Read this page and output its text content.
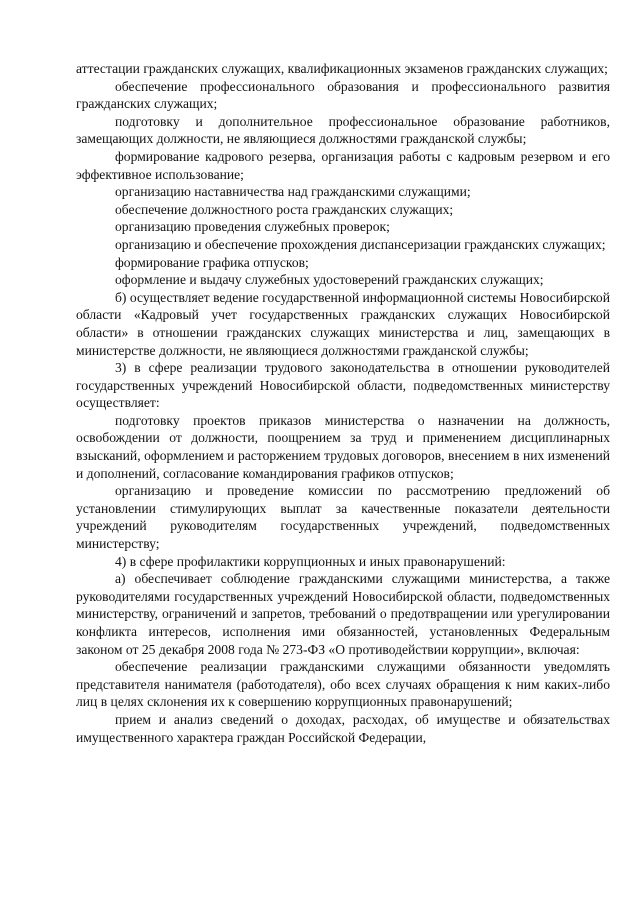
аттестации гражданских служащих, квалификационных экзаменов гражданских служащих;

обеспечение профессионального образования и профессионального развития гражданских служащих;

подготовку и дополнительное профессиональное образование работников, замещающих должности, не являющиеся должностями гражданской службы;

формирование кадрового резерва, организация работы с кадровым резервом и его эффективное использование;

организацию наставничества над гражданскими служащими;

обеспечение должностного роста гражданских служащих;

организацию проведения служебных проверок;

организацию и обеспечение прохождения диспансеризации гражданских служащих;

формирование графика отпусков;

оформление и выдачу служебных удостоверений гражданских служащих;

б) осуществляет ведение государственной информационной системы Новосибирской области «Кадровый учет государственных гражданских служащих Новосибирской области» в отношении гражданских служащих министерства и лиц, замещающих в министерстве должности, не являющиеся должностями гражданской службы;

3) в сфере реализации трудового законодательства в отношении руководителей государственных учреждений Новосибирской области, подведомственных министерству осуществляет:

подготовку проектов приказов министерства о назначении на должность, освобождении от должности, поощрением за труд и применением дисциплинарных взысканий, оформлением и расторжением трудовых договоров, внесением в них изменений и дополнений, согласование командирования графиков отпусков;

организацию и проведение комиссии по рассмотрению предложений об установлении стимулирующих выплат за качественные показатели деятельности учреждений руководителям государственных учреждений, подведомственных министерству;

4) в сфере профилактики коррупционных и иных правонарушений:

а) обеспечивает соблюдение гражданскими служащими министерства, а также руководителями государственных учреждений Новосибирской области, подведомственных министерству, ограничений и запретов, требований о предотвращении или урегулировании конфликта интересов, исполнения ими обязанностей, установленных Федеральным законом от 25 декабря 2008 года № 273-ФЗ «О противодействии коррупции», включая:

обеспечение реализации гражданскими служащими обязанности уведомлять представителя нанимателя (работодателя), обо всех случаях обращения к ним каких-либо лиц в целях склонения их к совершению коррупционных правонарушений;

прием и анализ сведений о доходах, расходах, об имуществе и обязательствах имущественного характера граждан Российской Федерации,
